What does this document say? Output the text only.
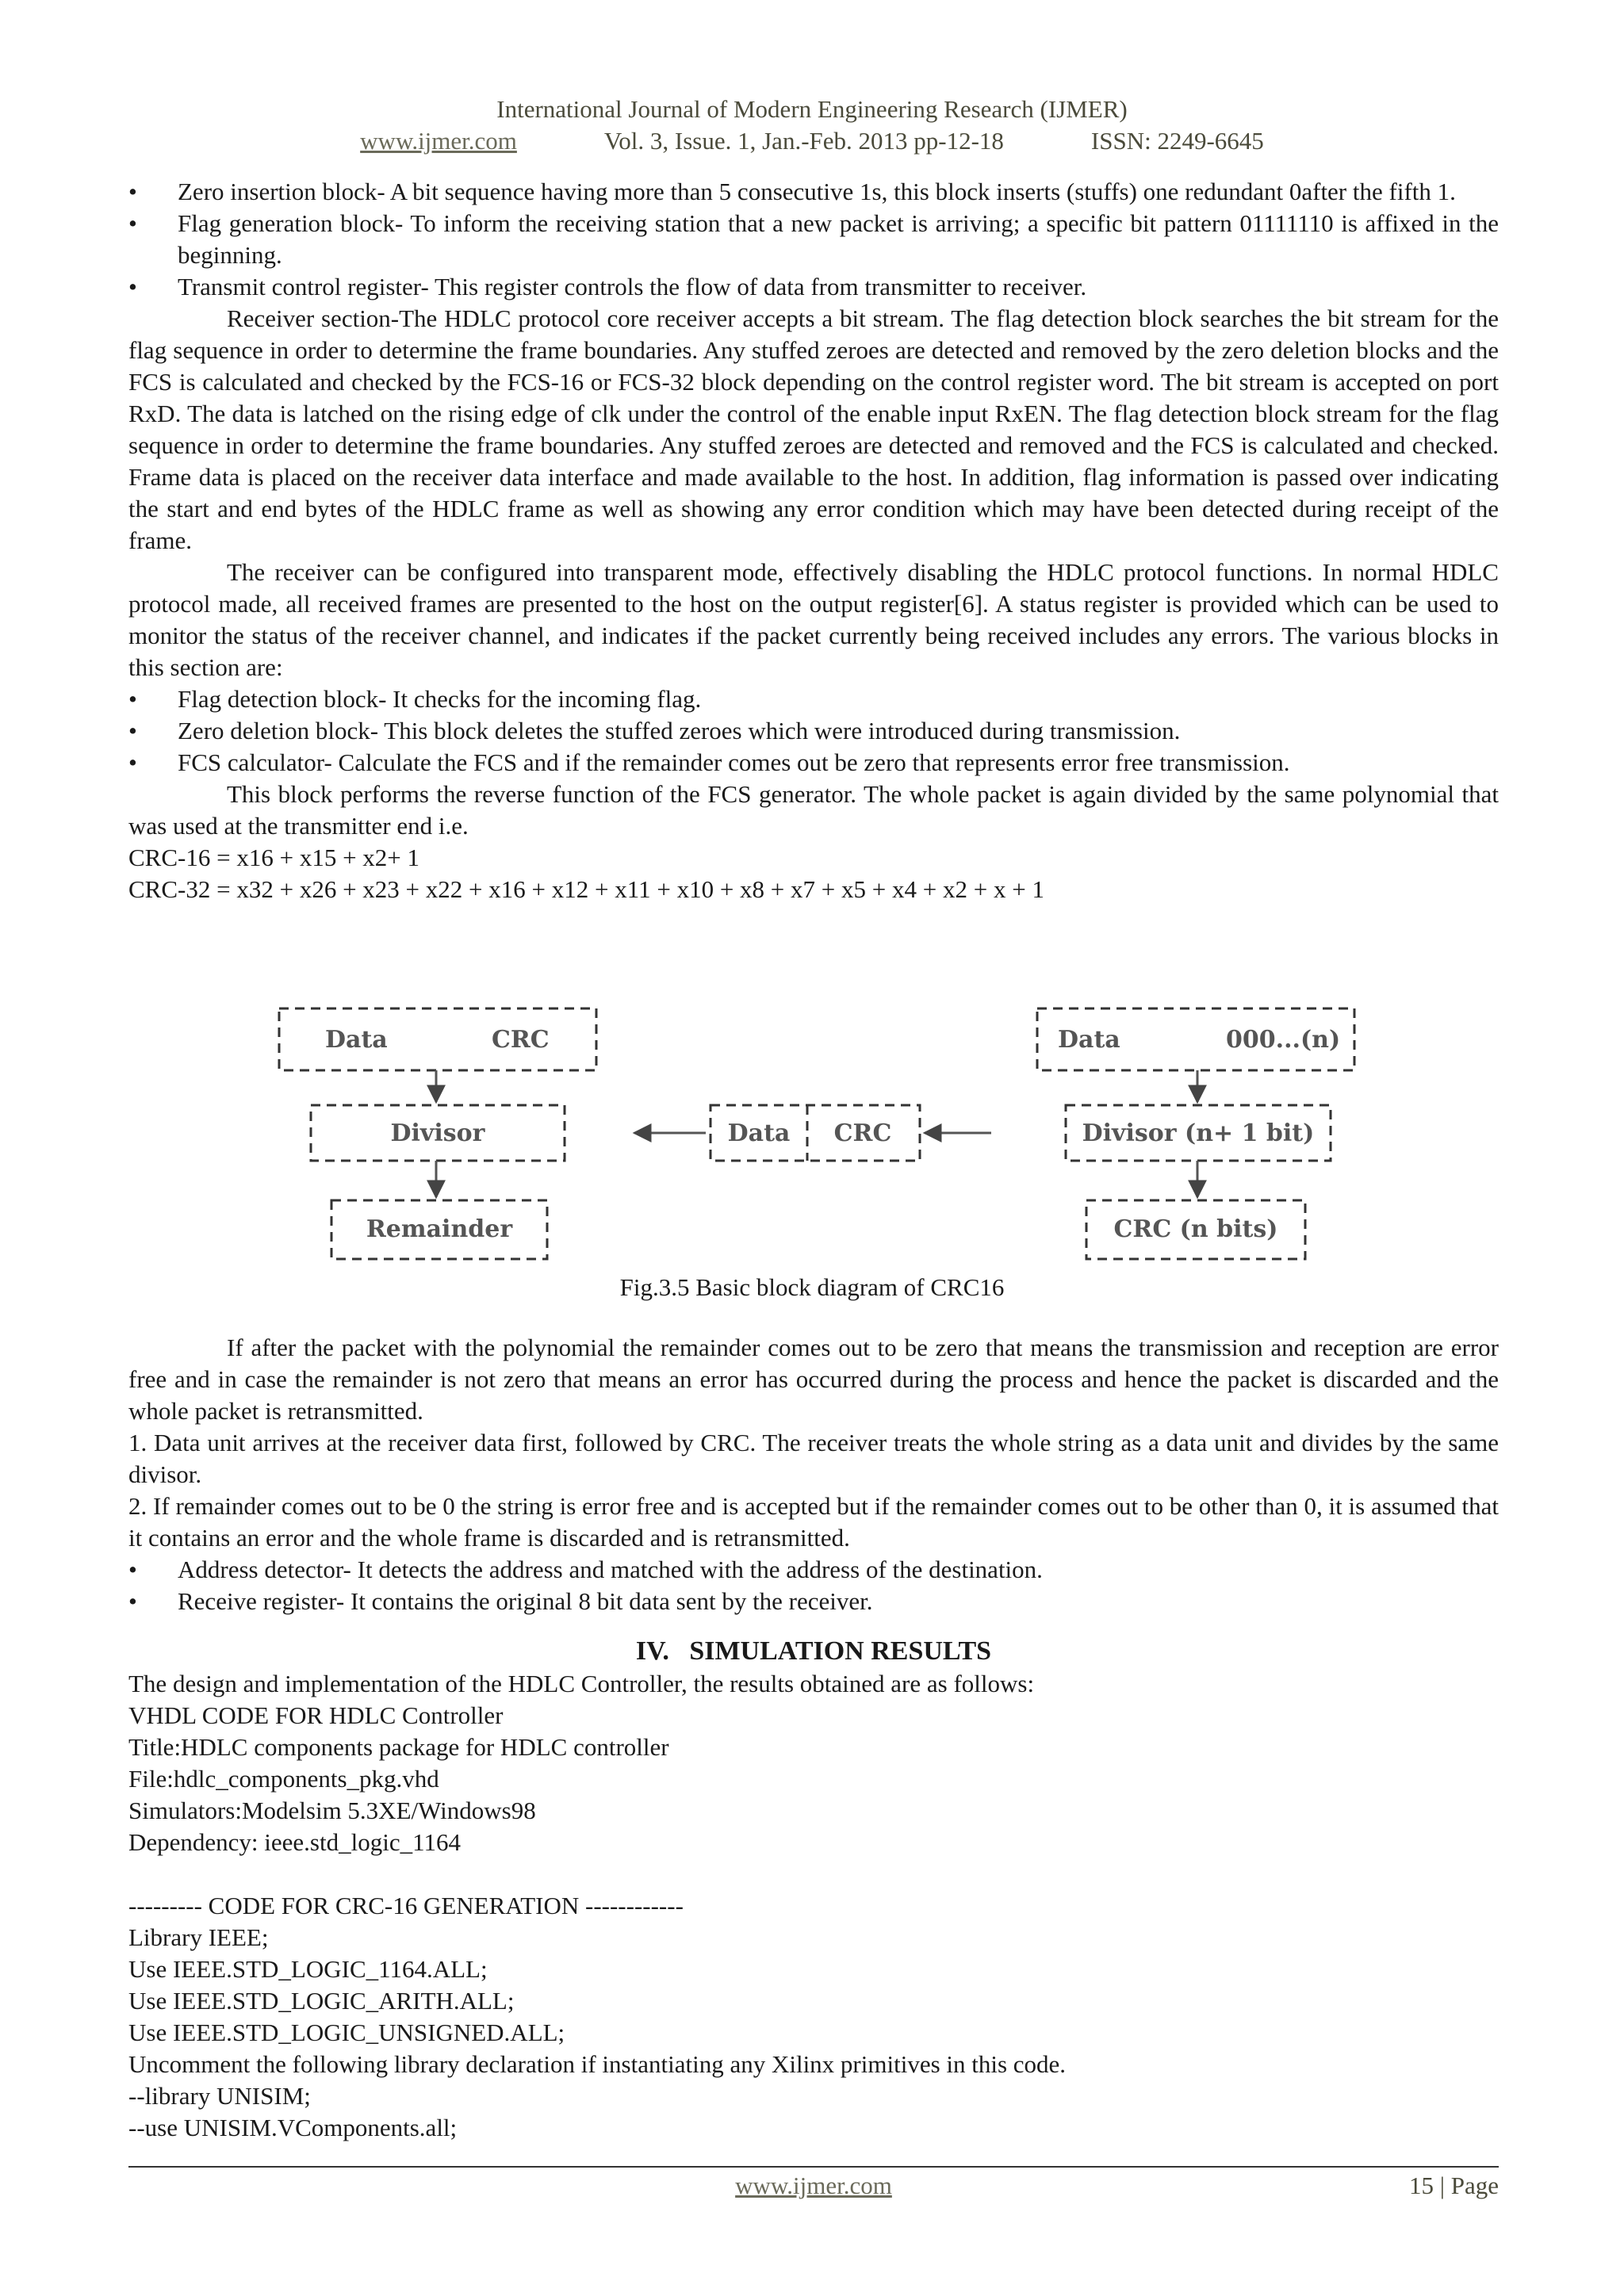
International Journal of Modern Engineering Research (IJMER)
www.ijmer.com	Vol. 3, Issue. 1, Jan.-Feb. 2013 pp-12-18	ISSN: 2249-6645
• Zero insertion block- A bit sequence having more than 5 consecutive 1s, this block inserts (stuffs) one redundant 0after the fifth 1.
• Flag generation block- To inform the receiving station that a new packet is arriving; a specific bit pattern 01111110 is affixed in the beginning.
• Transmit control register- This register controls the flow of data from transmitter to receiver.
Receiver section-The HDLC protocol core receiver accepts a bit stream. The flag detection block searches the bit stream for the flag sequence in order to determine the frame boundaries. Any stuffed zeroes are detected and removed by the zero deletion blocks and the FCS is calculated and checked by the FCS-16 or FCS-32 block depending on the control register word. The bit stream is accepted on port RxD. The data is latched on the rising edge of clk under the control of the enable input RxEN. The flag detection block stream for the flag sequence in order to determine the frame boundaries. Any stuffed zeroes are detected and removed and the FCS is calculated and checked. Frame data is placed on the receiver data interface and made available to the host. In addition, flag information is passed over indicating the start and end bytes of the HDLC frame as well as showing any error condition which may have been detected during receipt of the frame.
The receiver can be configured into transparent mode, effectively disabling the HDLC protocol functions. In normal HDLC protocol made, all received frames are presented to the host on the output register[6]. A status register is provided which can be used to monitor the status of the receiver channel, and indicates if the packet currently being received includes any errors. The various blocks in this section are:
• Flag detection block- It checks for the incoming flag.
• Zero deletion block- This block deletes the stuffed zeroes which were introduced during transmission.
• FCS calculator- Calculate the FCS and if the remainder comes out be zero that represents error free transmission.
This block performs the reverse function of the FCS generator. The whole packet is again divided by the same polynomial that was used at the transmitter end i.e.
CRC-16 = x16 + x15 + x2+ 1
CRC-32 = x32 + x26 + x23 + x22 + x16 + x12 + x11 + x10 + x8 + x7 + x5 + x4 + x2 + x + 1
Data	CRC
Divisor
Remainder
Data CRC
Data	000...(n)
Divisor (n+ 1 bit)
CRC (n bits)
Fig.3.5 Basic block diagram of CRC16
If after the packet with the polynomial the remainder comes out to be zero that means the transmission and reception are error free and in case the remainder is not zero that means an error has occurred during the process and hence the packet is discarded and the whole packet is retransmitted.
1. Data unit arrives at the receiver data first, followed by CRC. The receiver treats the whole string as a data unit and divides by the same divisor.
2. If remainder comes out to be 0 the string is error free and is accepted but if the remainder comes out to be other than 0, it is assumed that it contains an error and the whole frame is discarded and is retransmitted.
• Address detector- It detects the address and matched with the address of the destination.
• Receive register- It contains the original 8 bit data sent by the receiver.
IV.   SIMULATION RESULTS
The design and implementation of the HDLC Controller, the results obtained are as follows:
VHDL CODE FOR HDLC Controller
Title:HDLC components package for HDLC controller
File:hdlc_components_pkg.vhd
Simulators:Modelsim 5.3XE/Windows98
Dependency: ieee.std_logic_1164
--------- CODE FOR CRC-16 GENERATION ------------
Library IEEE;
Use IEEE.STD_LOGIC_1164.ALL;
Use IEEE.STD_LOGIC_ARITH.ALL;
Use IEEE.STD_LOGIC_UNSIGNED.ALL;
Uncomment the following library declaration if instantiating any Xilinx primitives in this code.
--library UNISIM;
--use UNISIM.VComponents.all;
www.ijmer.com	15 | Page
